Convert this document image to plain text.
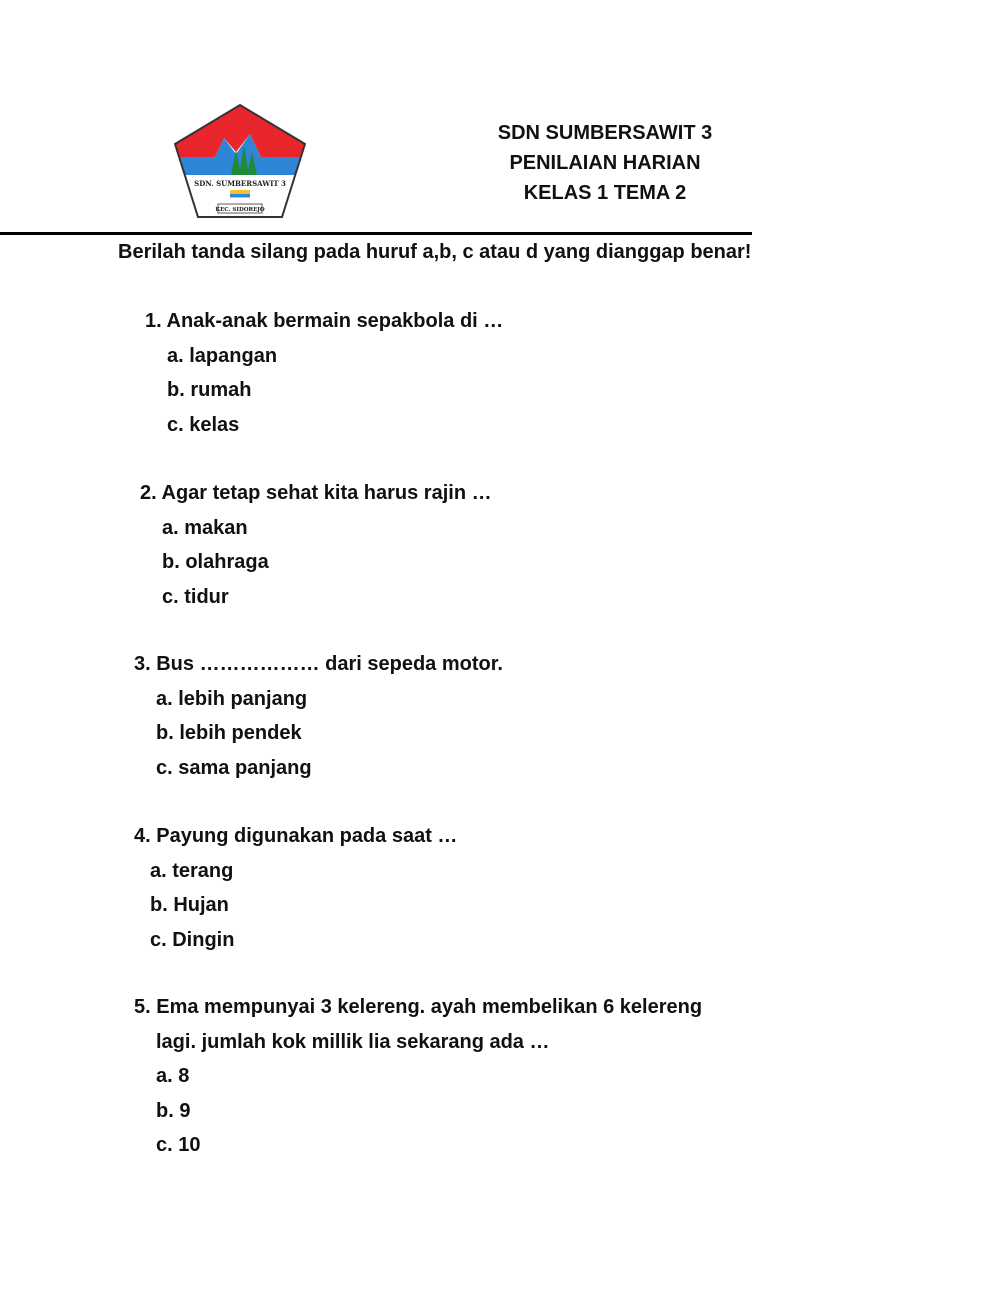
SDN. SUMBERSAWIT 3
KEC. SIDOREJO
SDN SUMBERSAWIT 3
PENILAIAN HARIAN
KELAS 1 TEMA 2
Berilah tanda silang pada huruf a,b, c atau d yang dianggap benar!
1. Anak-anak bermain sepakbola di …
a. lapangan
b. rumah
c. kelas
2. Agar tetap sehat kita harus rajin …
a. makan
b. olahraga
c. tidur
3. Bus ……………… dari sepeda motor.
a. lebih panjang
b. lebih pendek
c. sama panjang
4. Payung digunakan pada saat …
a. terang
b. Hujan
c. Dingin
5. Ema mempunyai 3 kelereng. ayah membelikan 6 kelereng
lagi. jumlah kok millik lia sekarang ada …
a. 8
b. 9
c. 10
